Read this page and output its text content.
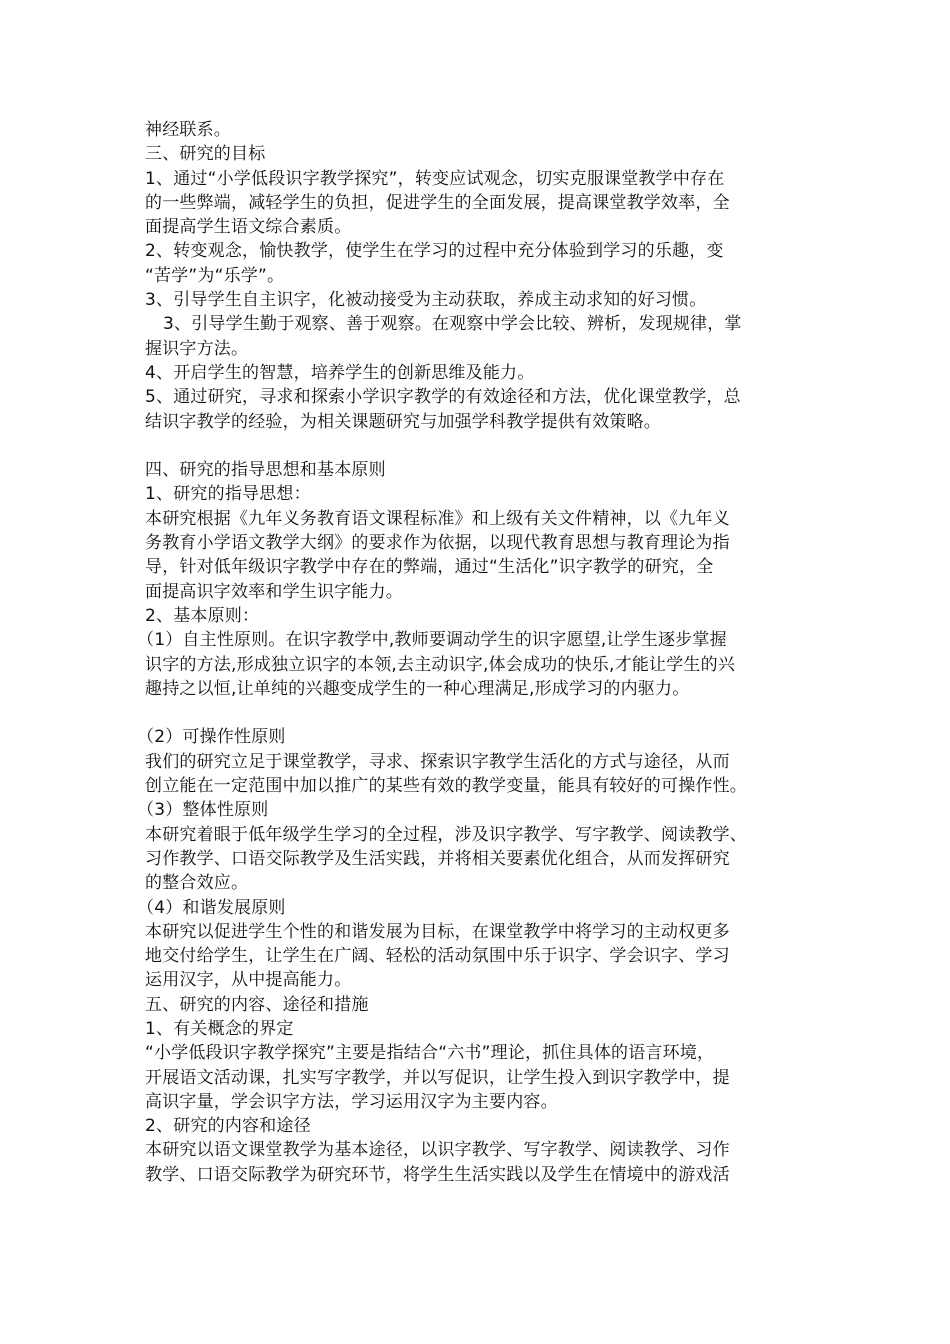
神经联系。
三、研究的目标
1、通过“小学低段识字教学探究”，转变应试观念，切实克服课堂教学中存在
的一些弊端，减轻学生的负担，促进学生的全面发展，提高课堂教学效率，全
面提高学生语文综合素质。
2、转变观念，愉快教学，使学生在学习的过程中充分体验到学习的乐趣，变
“苦学”为“乐学”。
3、引导学生自主识字，化被动接受为主动获取，养成主动求知的好习惯。
3、引导学生勤于观察、善于观察。在观察中学会比较、辨析，发现规律，掌
握识字方法。
4、开启学生的智慧，培养学生的创新思维及能力。
5、通过研究，寻求和探索小学识字教学的有效途径和方法，优化课堂教学，总
结识字教学的经验，为相关课题研究与加强学科教学提供有效策略。
四、研究的指导思想和基本原则
1、研究的指导思想：
本研究根据《九年义务教育语文课程标准》和上级有关文件精神，以《九年义
务教育小学语文教学大纲》的要求作为依据，以现代教育思想与教育理论为指
导，针对低年级识字教学中存在的弊端，通过“生活化”识字教学的研究，全
面提高识字效率和学生识字能力。
2、基本原则：
（1）自主性原则。在识字教学中,教师要调动学生的识字愿望,让学生逐步掌握
识字的方法,形成独立识字的本领,去主动识字,体会成功的快乐,才能让学生的兴
趣持之以恒,让单纯的兴趣变成学生的一种心理满足,形成学习的内驱力。
（2）可操作性原则
我们的研究立足于课堂教学，寻求、探索识字教学生活化的方式与途径，从而
创立能在一定范围中加以推广的某些有效的教学变量，能具有较好的可操作性。
（3）整体性原则
本研究着眼于低年级学生学习的全过程，涉及识字教学、写字教学、阅读教学、
习作教学、口语交际教学及生活实践，并将相关要素优化组合，从而发挥研究
的整合效应。
（4）和谐发展原则
本研究以促进学生个性的和谐发展为目标，在课堂教学中将学习的主动权更多
地交付给学生，让学生在广阔、轻松的活动氛围中乐于识字、学会识字、学习
运用汉字，从中提高能力。
五、研究的内容、途径和措施
1、有关概念的界定
“小学低段识字教学探究”主要是指结合“六书”理论，抓住具体的语言环境，
开展语文活动课，扎实写字教学，并以写促识，让学生投入到识字教学中，提
高识字量，学会识字方法，学习运用汉字为主要内容。
2、研究的内容和途径
本研究以语文课堂教学为基本途径，以识字教学、写字教学、阅读教学、习作
教学、口语交际教学为研究环节，将学生生活实践以及学生在情境中的游戏活
